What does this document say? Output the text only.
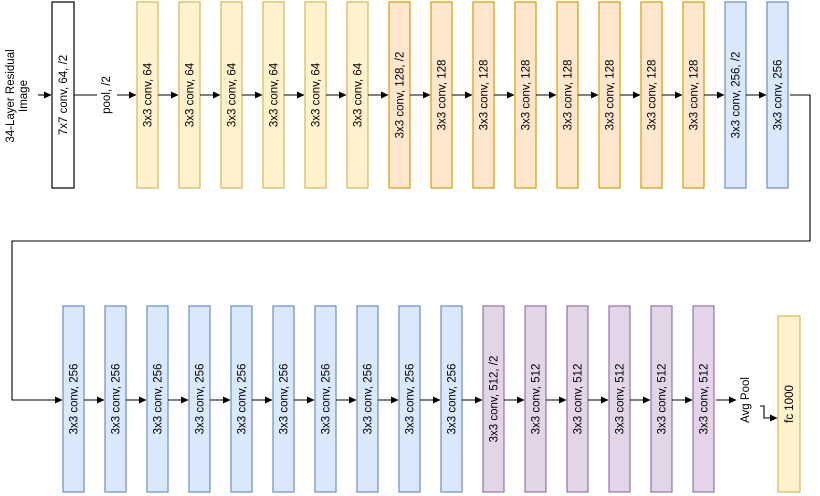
34-Layer Residual Image 7x7 conv, 64, /2	pool, /2
Avg Pool	fc 1000
3x3 conv, 64	3x3 conv, 64	3x3 conv, 64	3x3 conv, 64	3x3 conv, 64	3x3 conv, 64	3x3 conv, 128, /2	3x3 conv, 128	3x3 conv, 128	3x3 conv, 128	3x3 conv, 128	3x3 conv, 128	3x3 conv, 128	3x3 conv, 128	3x3 conv, 256, /2	3x3 conv, 256
3x3 conv, 256	3x3 conv, 256	3x3 conv, 256	3x3 conv, 256	3x3 conv, 256	3x3 conv, 256	3x3 conv, 256	3x3 conv, 256	3x3 conv, 256	3x3 conv, 256	3x3 conv, 512, /2	3x3 conv, 512	3x3 conv, 512	3x3 conv, 512	3x3 conv, 512	3x3 conv, 512
